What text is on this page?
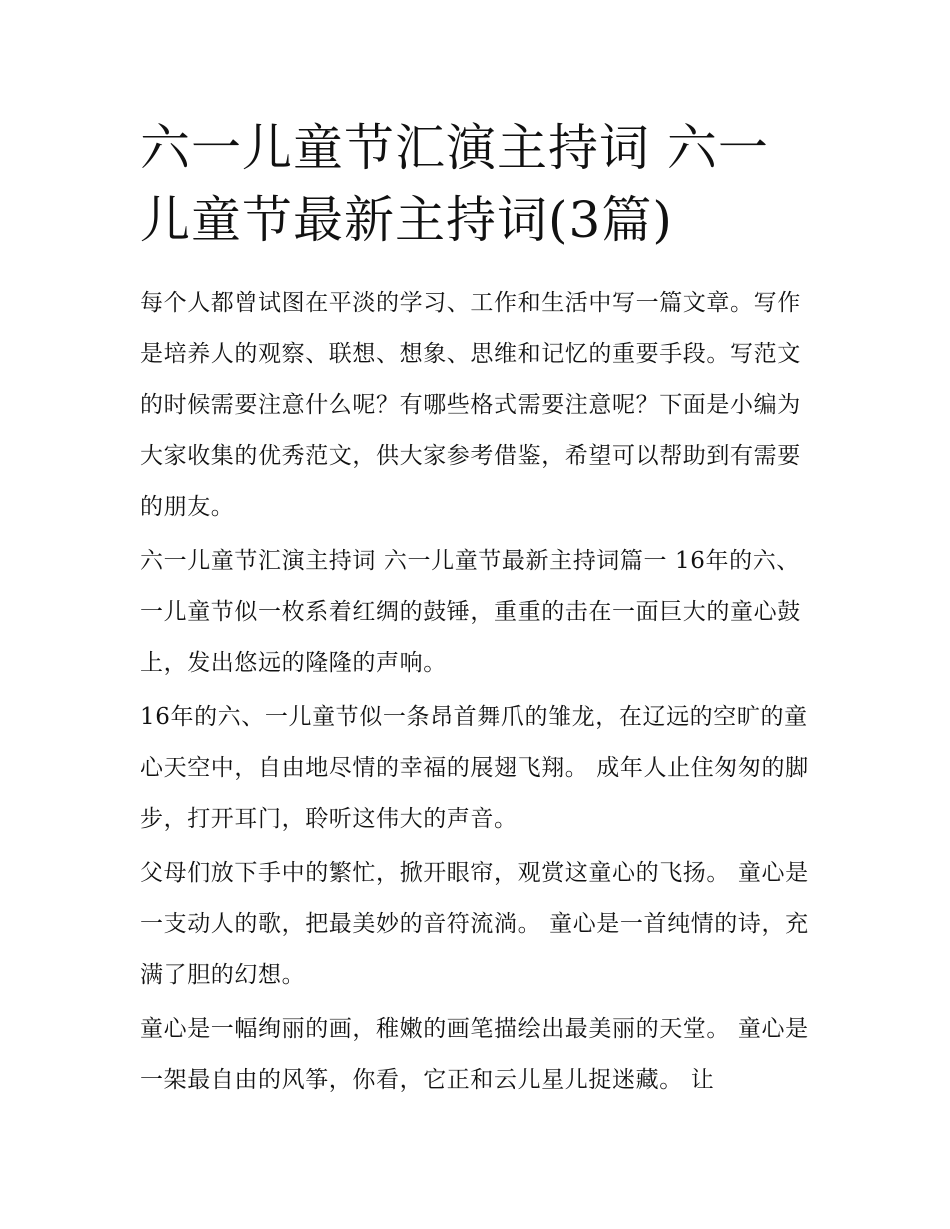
六一儿童节汇演主持词 六一儿童节最新主持词(3篇)

每个人都曾试图在平淡的学习、工作和生活中写一篇文章。写作是培养人的观察、联想、想象、思维和记忆的重要手段。写范文的时候需要注意什么呢？有哪些格式需要注意呢？下面是小编为大家收集的优秀范文，供大家参考借鉴，希望可以帮助到有需要的朋友。

六一儿童节汇演主持词 六一儿童节最新主持词篇一 16年的六、一儿童节似一枚系着红绸的鼓锤，重重的击在一面巨大的童心鼓上，发出悠远的隆隆的声响。

16年的六、一儿童节似一条昂首舞爪的雏龙，在辽远的空旷的童心天空中，自由地尽情的幸福的展翅飞翔。 成年人止住匆匆的脚步，打开耳门，聆听这伟大的声音。

父母们放下手中的繁忙，掀开眼帘，观赏这童心的飞扬。 童心是一支动人的歌，把最美妙的音符流淌。 童心是一首纯情的诗，充满了胆的幻想。

童心是一幅绚丽的画，稚嫩的画笔描绘出最美丽的天堂。 童心是一架最自由的风筝，你看，它正和云儿星儿捉迷藏。 让
